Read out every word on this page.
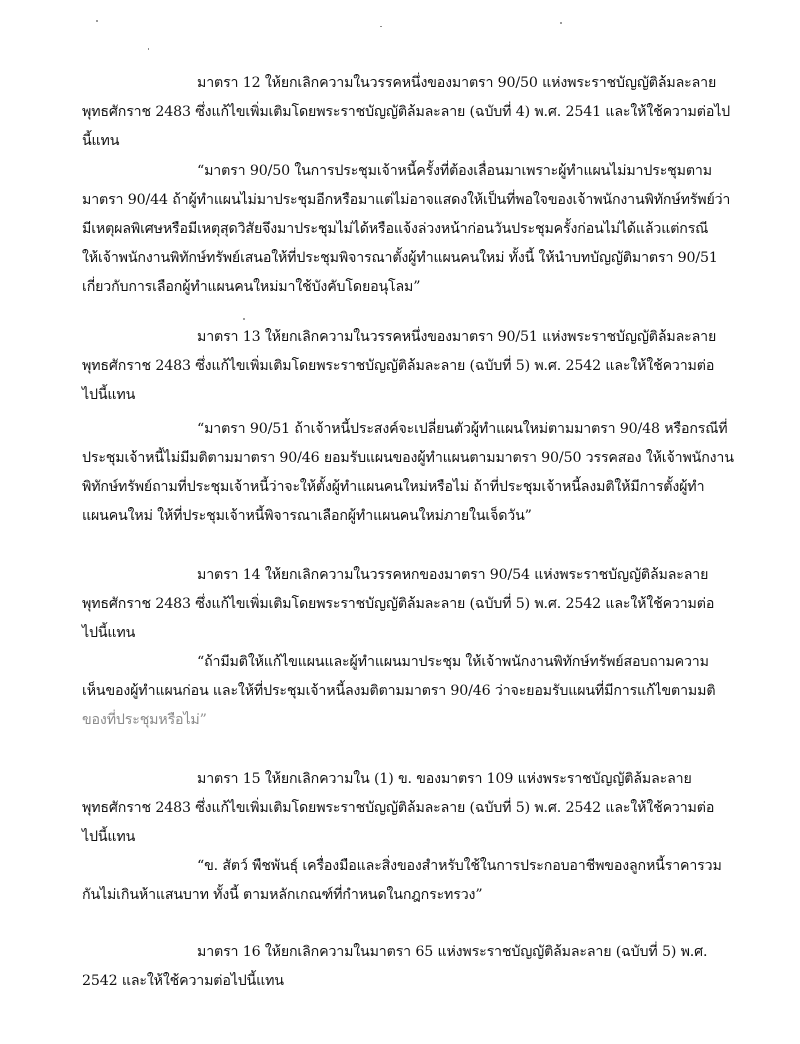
มาตรา 12 ให้ยกเลิกความในวรรคหนึ่งของมาตรา 90/50 แห่งพระราชบัญญัติล้มละลาย
พุทธศักราช 2483 ซึ่งแก้ไขเพิ่มเติมโดยพระราชบัญญัติล้มละลาย (ฉบับที่ 4) พ.ศ. 2541 และให้ใช้ความต่อไป
นี้แทน
“มาตรา 90/50 ในการประชุมเจ้าหนี้ครั้งที่ต้องเลื่อนมาเพราะผู้ทำแผนไม่มาประชุมตาม
มาตรา 90/44 ถ้าผู้ทำแผนไม่มาประชุมอีกหรือมาแต่ไม่อาจแสดงให้เป็นที่พอใจของเจ้าพนักงานพิทักษ์ทรัพย์ว่า
มีเหตุผลพิเศษหรือมีเหตุสุดวิสัยจึงมาประชุมไม่ได้หรือแจ้งล่วงหน้าก่อนวันประชุมครั้งก่อนไม่ได้แล้วแต่กรณี
ให้เจ้าพนักงานพิทักษ์ทรัพย์เสนอให้ที่ประชุมพิจารณาตั้งผู้ทำแผนคนใหม่ ทั้งนี้ ให้นำบทบัญญัติมาตรา 90/51
เกี่ยวกับการเลือกผู้ทำแผนคนใหม่มาใช้บังคับโดยอนุโลม”
มาตรา 13 ให้ยกเลิกความในวรรคหนึ่งของมาตรา 90/51 แห่งพระราชบัญญัติล้มละลาย
พุทธศักราช 2483 ซึ่งแก้ไขเพิ่มเติมโดยพระราชบัญญัติล้มละลาย (ฉบับที่ 5) พ.ศ. 2542 และให้ใช้ความต่อ
ไปนี้แทน
“มาตรา 90/51 ถ้าเจ้าหนี้ประสงค์จะเปลี่ยนตัวผู้ทำแผนใหม่ตามมาตรา 90/48 หรือกรณีที่
ประชุมเจ้าหนี้ไม่มีมติตามมาตรา 90/46 ยอมรับแผนของผู้ทำแผนตามมาตรา 90/50 วรรคสอง ให้เจ้าพนักงาน
พิทักษ์ทรัพย์ถามที่ประชุมเจ้าหนี้ว่าจะให้ตั้งผู้ทำแผนคนใหม่หรือไม่ ถ้าที่ประชุมเจ้าหนี้ลงมติให้มีการตั้งผู้ทำ
แผนคนใหม่ ให้ที่ประชุมเจ้าหนี้พิจารณาเลือกผู้ทำแผนคนใหม่ภายในเจ็ดวัน”
มาตรา 14 ให้ยกเลิกความในวรรคหกของมาตรา 90/54 แห่งพระราชบัญญัติล้มละลาย
พุทธศักราช 2483 ซึ่งแก้ไขเพิ่มเติมโดยพระราชบัญญัติล้มละลาย (ฉบับที่ 5) พ.ศ. 2542 และให้ใช้ความต่อ
ไปนี้แทน
“ถ้ามีมติให้แก้ไขแผนและผู้ทำแผนมาประชุม ให้เจ้าพนักงานพิทักษ์ทรัพย์สอบถามความ
เห็นของผู้ทำแผนก่อน และให้ที่ประชุมเจ้าหนี้ลงมติตามมาตรา 90/46 ว่าจะยอมรับแผนที่มีการแก้ไขตามมติ
ของที่ประชุมหรือไม่”
มาตรา 15 ให้ยกเลิกความใน (1) ข. ของมาตรา 109 แห่งพระราชบัญญัติล้มละลาย
พุทธศักราช 2483 ซึ่งแก้ไขเพิ่มเติมโดยพระราชบัญญัติล้มละลาย (ฉบับที่ 5) พ.ศ. 2542 และให้ใช้ความต่อ
ไปนี้แทน
“ข. สัตว์ พืชพันธุ์ เครื่องมือและสิ่งของสำหรับใช้ในการประกอบอาชีพของลูกหนี้ราคารวม
กันไม่เกินห้าแสนบาท ทั้งนี้ ตามหลักเกณฑ์ที่กำหนดในกฎกระทรวง”
มาตรา 16 ให้ยกเลิกความในมาตรา 65 แห่งพระราชบัญญัติล้มละลาย (ฉบับที่ 5) พ.ศ.
2542 และให้ใช้ความต่อไปนี้แทน
